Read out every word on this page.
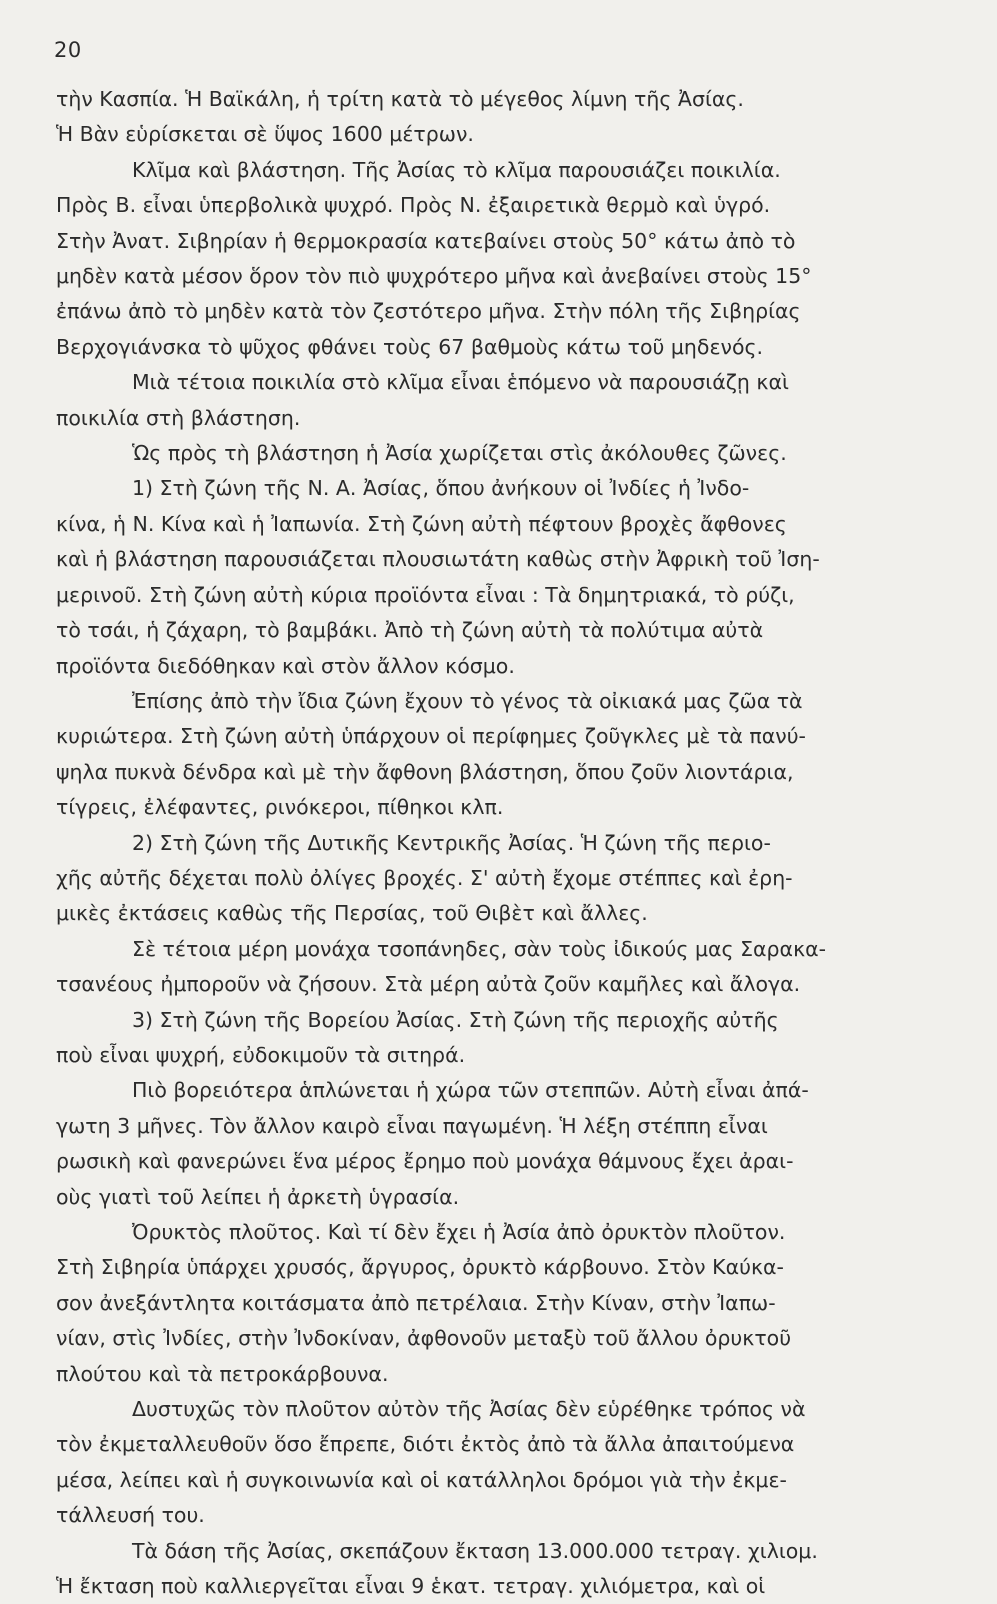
20
τὴν Κασπία. Ἡ Βαϊκάλη, ἡ τρίτη κατὰ τὸ μέγεθος λίμνη τῆς Ἀσίας.
Ἡ Βὰν εὑρίσκεται σὲ ὕψος 1600 μέτρων.
Κλῖμα καὶ βλάστηση. Τῆς Ἀσίας τὸ κλῖμα παρουσιάζει ποικιλία.
Πρὸς Β. εἶναι ὑπερβολικὰ ψυχρό. Πρὸς Ν. ἐξαιρετικὰ θερμὸ καὶ ὑγρό.
Στὴν Ἀνατ. Σιβηρίαν ἡ θερμοκρασία κατεβαίνει στοὺς 50° κάτω ἀπὸ τὸ
μηδὲν κατὰ μέσον ὅρον τὸν πιὸ ψυχρότερο μῆνα καὶ ἀνεβαίνει στοὺς 15°
ἐπάνω ἀπὸ τὸ μηδὲν κατὰ τὸν ζεστότερο μῆνα. Στὴν πόλη τῆς Σιβηρίας
Βερχογιάνσκα τὸ ψῦχος φθάνει τοὺς 67 βαθμοὺς κάτω τοῦ μηδενός.
Μιὰ τέτοια ποικιλία στὸ κλῖμα εἶναι ἑπόμενο νὰ παρουσιάζῃ καὶ
ποικιλία στὴ βλάστηση.
Ὡς πρὸς τὴ βλάστηση ἡ Ἀσία χωρίζεται στὶς ἀκόλουθες ζῶνες.
1) Στὴ ζώνη τῆς Ν. Α. Ἀσίας, ὅπου ἀνήκουν οἱ Ἰνδίες ἡ Ἰνδο-
κίνα, ἡ Ν. Κίνα καὶ ἡ Ἰαπωνία. Στὴ ζώνη αὐτὴ πέφτουν βροχὲς ἄφθονες
καὶ ἡ βλάστηση παρουσιάζεται πλουσιωτάτη καθὼς στὴν Ἀφρικὴ τοῦ Ἰση-
μερινοῦ. Στὴ ζώνη αὐτὴ κύρια προϊόντα εἶναι : Τὰ δημητριακά, τὸ ρύζι,
τὸ τσάι, ἡ ζάχαρη, τὸ βαμβάκι. Ἀπὸ τὴ ζώνη αὐτὴ τὰ πολύτιμα αὐτὰ
προϊόντα διεδόθηκαν καὶ στὸν ἄλλον κόσμο.
Ἐπίσης ἀπὸ τὴν ἴδια ζώνη ἔχουν τὸ γένος τὰ οἰκιακά μας ζῶα τὰ
κυριώτερα. Στὴ ζώνη αὐτὴ ὑπάρχουν οἱ περίφημες ζοῦγκλες μὲ τὰ πανύ-
ψηλα πυκνὰ δένδρα καὶ μὲ τὴν ἄφθονη βλάστηση, ὅπου ζοῦν λιοντάρια,
τίγρεις, ἐλέφαντες, ρινόκεροι, πίθηκοι κλπ.
2) Στὴ ζώνη τῆς Δυτικῆς Κεντρικῆς Ἀσίας. Ἡ ζώνη τῆς περιο-
χῆς αὐτῆς δέχεται πολὺ ὀλίγες βροχές. Σ' αὐτὴ ἔχομε στέππες καὶ ἐρη-
μικὲς ἐκτάσεις καθὼς τῆς Περσίας, τοῦ Θιβὲτ καὶ ἄλλες.
Σὲ τέτοια μέρη μονάχα τσοπάνηδες, σὰν τοὺς ἰδικούς μας Σαρακα-
τσανέους ἠμποροῦν νὰ ζήσουν. Στὰ μέρη αὐτὰ ζοῦν καμῆλες καὶ ἄλογα.
3) Στὴ ζώνη τῆς Βορείου Ἀσίας. Στὴ ζώνη τῆς περιοχῆς αὐτῆς
ποὺ εἶναι ψυχρή, εὐδοκιμοῦν τὰ σιτηρά.
Πιὸ βορειότερα ἁπλώνεται ἡ χώρα τῶν στεππῶν. Αὐτὴ εἶναι ἀπά-
γωτη 3 μῆνες. Τὸν ἄλλον καιρὸ εἶναι παγωμένη. Ἡ λέξη στέππη εἶναι
ρωσικὴ καὶ φανερώνει ἕνα μέρος ἔρημο ποὺ μονάχα θάμνους ἔχει ἀραι-
οὺς γιατὶ τοῦ λείπει ἡ ἀρκετὴ ὑγρασία.
Ὀρυκτὸς πλοῦτος. Καὶ τί δὲν ἔχει ἡ Ἀσία ἀπὸ ὀρυκτὸν πλοῦτον.
Στὴ Σιβηρία ὑπάρχει χρυσός, ἄργυρος, ὀρυκτὸ κάρβουνο. Στὸν Καύκα-
σον ἀνεξάντλητα κοιτάσματα ἀπὸ πετρέλαια. Στὴν Κίναν, στὴν Ἰαπω-
νίαν, στὶς Ἰνδίες, στὴν Ἰνδοκίναν, ἀφθονοῦν μεταξὺ τοῦ ἄλλου ὀρυκτοῦ
πλούτου καὶ τὰ πετροκάρβουνα.
Δυστυχῶς τὸν πλοῦτον αὐτὸν τῆς Ἀσίας δὲν εὑρέθηκε τρόπος νὰ
τὸν ἐκμεταλλευθοῦν ὅσο ἔπρεπε, διότι ἐκτὸς ἀπὸ τὰ ἄλλα ἀπαιτούμενα
μέσα, λείπει καὶ ἡ συγκοινωνία καὶ οἱ κατάλληλοι δρόμοι γιὰ τὴν ἐκμε-
τάλλευσή του.
Τὰ δάση τῆς Ἀσίας, σκεπάζουν ἔκταση 13.000.000 τετραγ. χιλιομ.
Ἡ ἔκταση ποὺ καλλιεργεῖται εἶναι 9 ἑκατ. τετραγ. χιλιόμετρα, καὶ οἱ
